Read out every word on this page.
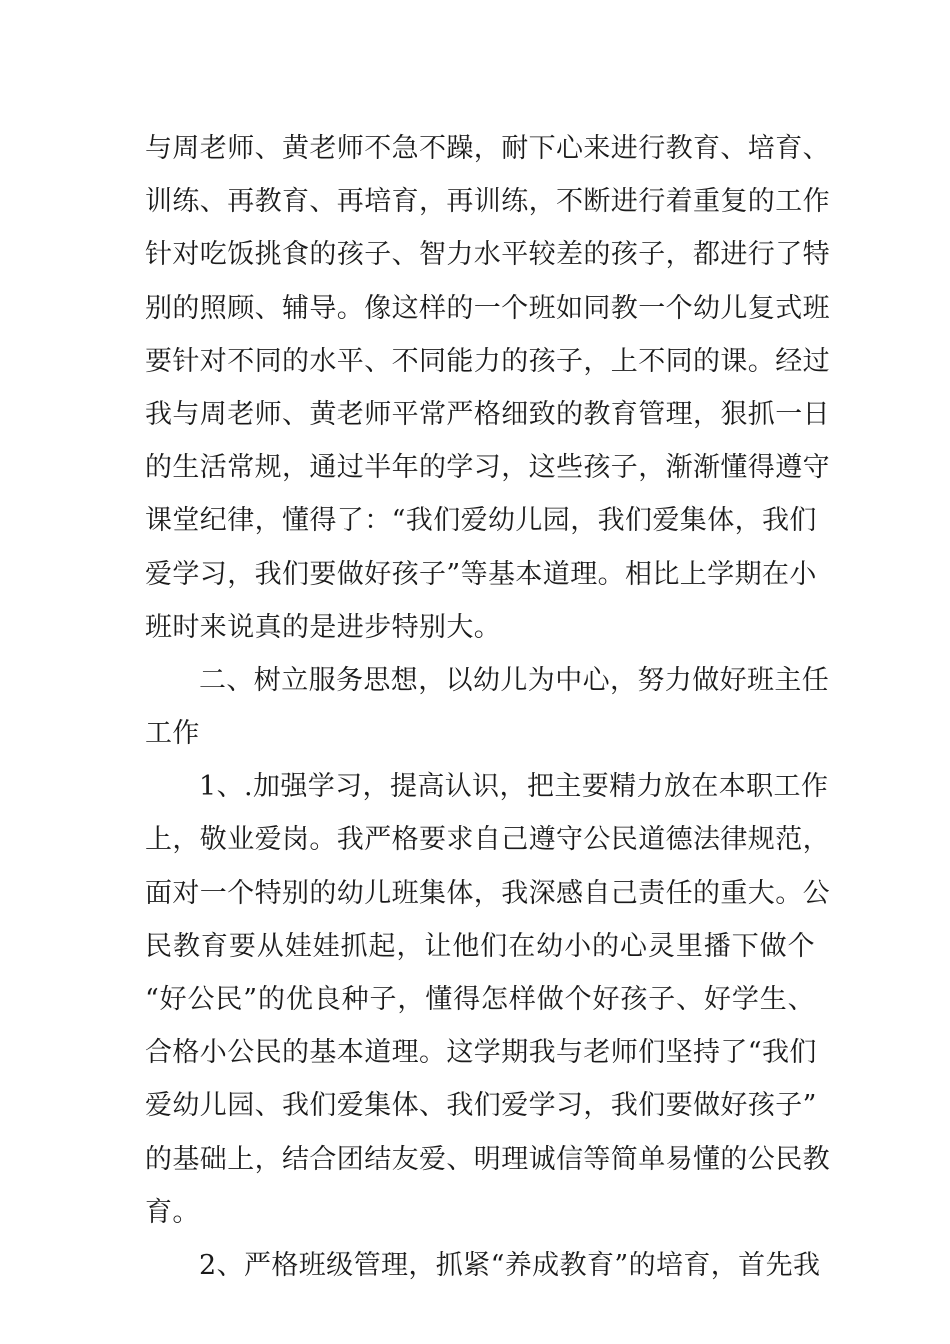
与周老师、黄老师不急不躁，耐下心来进行教育、培育、
训练、再教育、再培育，再训练，不断进行着重复的工作
针对吃饭挑食的孩子、智力水平较差的孩子，都进行了特
别的照顾、辅导。像这样的一个班如同教一个幼儿复式班
要针对不同的水平、不同能力的孩子，上不同的课。经过
我与周老师、黄老师平常严格细致的教育管理，狠抓一日
的生活常规，通过半年的学习，这些孩子，渐渐懂得遵守
课堂纪律，懂得了：“我们爱幼儿园，我们爱集体，我们
爱学习，我们要做好孩子”等基本道理。相比上学期在小
班时来说真的是进步特别大。
二、树立服务思想，以幼儿为中心，努力做好班主任
工作
1、.加强学习，提高认识，把主要精力放在本职工作
上，敬业爱岗。我严格要求自己遵守公民道德法律规范，
面对一个特别的幼儿班集体，我深感自己责任的重大。公
民教育要从娃娃抓起，让他们在幼小的心灵里播下做个
“好公民”的优良种子，懂得怎样做个好孩子、好学生、
合格小公民的基本道理。这学期我与老师们坚持了“我们
爱幼儿园、我们爱集体、我们爱学习，我们要做好孩子”
的基础上，结合团结友爱、明理诚信等简单易懂的公民教
育。
2、严格班级管理，抓紧“养成教育”的培育，首先我
